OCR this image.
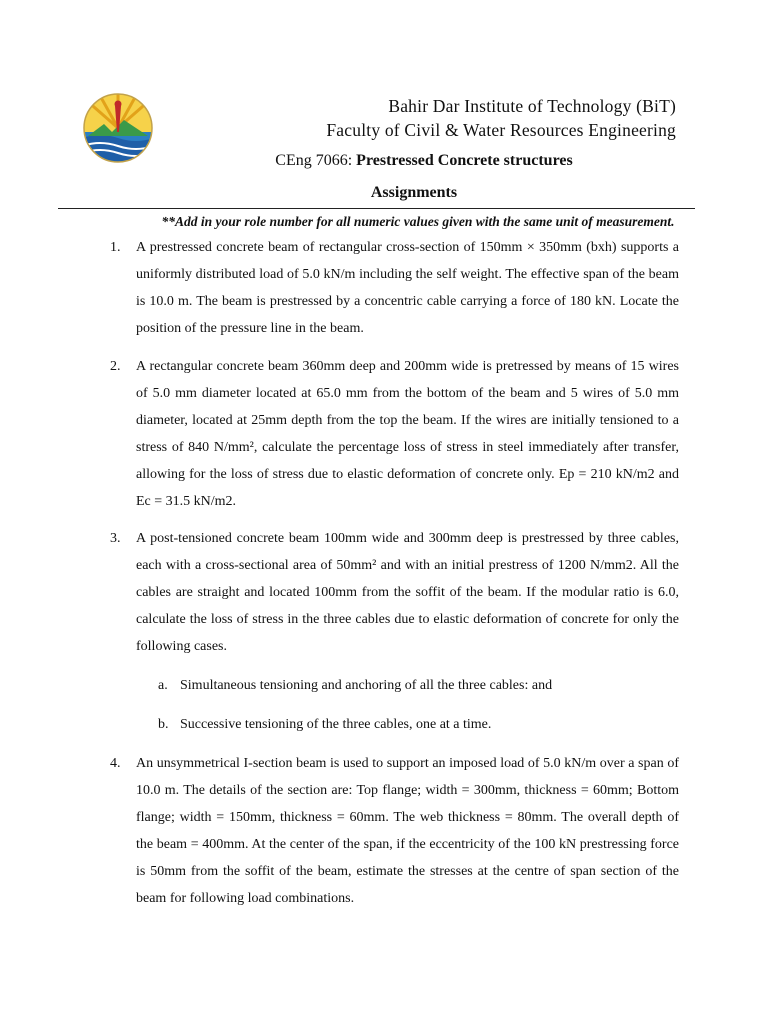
Bahir Dar Institute of Technology (BiT)
Faculty of Civil & Water Resources Engineering
CEng 7066: Prestressed Concrete structures
Assignments
**Add in your role number for all numeric values given with the same unit of measurement.
1. A prestressed concrete beam of rectangular cross-section of 150mm × 350mm (bxh) supports a uniformly distributed load of 5.0 kN/m including the self weight. The effective span of the beam is 10.0 m. The beam is prestressed by a concentric cable carrying a force of 180 kN. Locate the position of the pressure line in the beam.
2. A rectangular concrete beam 360mm deep and 200mm wide is pretressed by means of 15 wires of 5.0 mm diameter located at 65.0 mm from the bottom of the beam and 5 wires of 5.0 mm diameter, located at 25mm depth from the top the beam. If the wires are initially tensioned to a stress of 840 N/mm², calculate the percentage loss of stress in steel immediately after transfer, allowing for the loss of stress due to elastic deformation of concrete only. Ep = 210 kN/m2 and Ec = 31.5 kN/m2.
3. A post-tensioned concrete beam 100mm wide and 300mm deep is prestressed by three cables, each with a cross-sectional area of 50mm² and with an initial prestress of 1200 N/mm2. All the cables are straight and located 100mm from the soffit of the beam. If the modular ratio is 6.0, calculate the loss of stress in the three cables due to elastic deformation of concrete for only the following cases.
a. Simultaneous tensioning and anchoring of all the three cables: and
b. Successive tensioning of the three cables, one at a time.
4. An unsymmetrical I-section beam is used to support an imposed load of 5.0 kN/m over a span of 10.0 m. The details of the section are: Top flange; width = 300mm, thickness = 60mm; Bottom flange; width = 150mm, thickness = 60mm. The web thickness = 80mm. The overall depth of the beam = 400mm. At the center of the span, if the eccentricity of the 100 kN prestressing force is 50mm from the soffit of the beam, estimate the stresses at the centre of span section of the beam for following load combinations.
